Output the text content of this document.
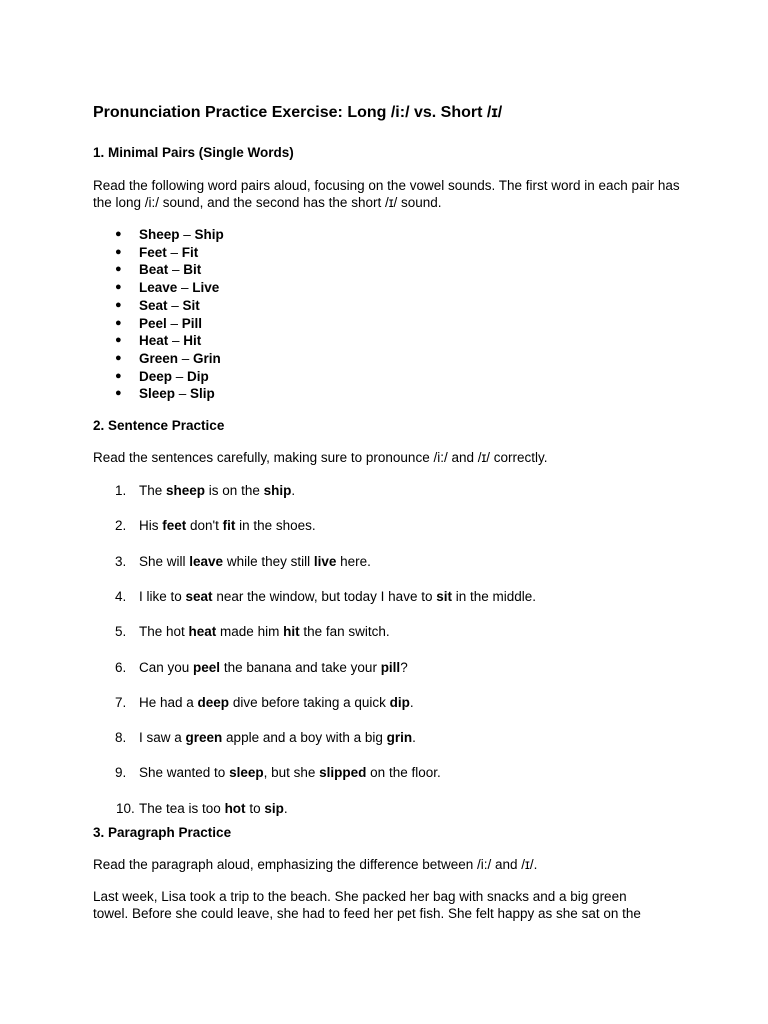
Pronunciation Practice Exercise: Long /i:/ vs. Short /ɪ/
1. Minimal Pairs (Single Words)

Read the following word pairs aloud, focusing on the vowel sounds. The first word in each pair has the long /i:/ sound, and the second has the short /ɪ/ sound.

● Sheep – Ship
● Feet – Fit
● Beat – Bit
● Leave – Live
● Seat – Sit
● Peel – Pill
● Heat – Hit
● Green – Grin
● Deep – Dip
● Sleep – Slip
2. Sentence Practice

Read the sentences carefully, making sure to pronounce /i:/ and /ɪ/ correctly.

1. The sheep is on the ship.
2. His feet don't fit in the shoes.
3. She will leave while they still live here.
4. I like to seat near the window, but today I have to sit in the middle.
5. The hot heat made him hit the fan switch.
6. Can you peel the banana and take your pill?
7. He had a deep dive before taking a quick dip.
8. I saw a green apple and a boy with a big grin.
9. She wanted to sleep, but she slipped on the floor.
10. The tea is too hot to sip.
3. Paragraph Practice

Read the paragraph aloud, emphasizing the difference between /i:/ and /ɪ/.

Last week, Lisa took a trip to the beach. She packed her bag with snacks and a big green
towel. Before she could leave, she had to feed her pet fish. She felt happy as she sat on the
